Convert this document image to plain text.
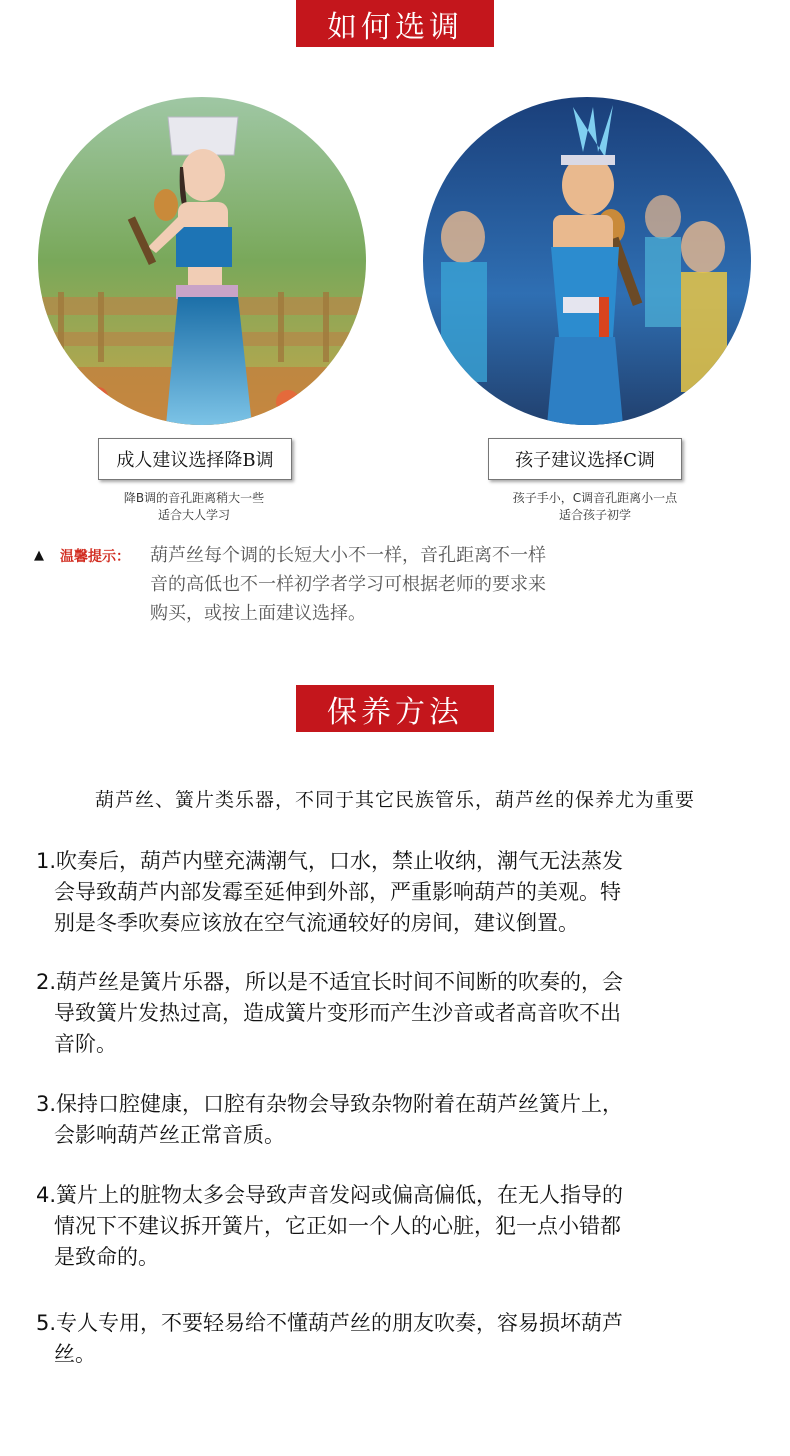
如何选调
成人建议选择降B调	孩子建议选择C调
降B调的音孔距离稍大一些
适合大人学习
孩子手小，C调音孔距离小一点
适合孩子初学
▲ 温馨提示： 葫芦丝每个调的长短大小不一样，音孔距离不一样
音的高低也不一样初学者学习可根据老师的要求来
购买，或按上面建议选择。
保养方法
葫芦丝、簧片类乐器，不同于其它民族管乐，葫芦丝的保养尤为重要
1.吹奏后，葫芦内壁充满潮气，口水，禁止收纳，潮气无法蒸发
会导致葫芦内部发霉至延伸到外部，严重影响葫芦的美观。特
别是冬季吹奏应该放在空气流通较好的房间，建议倒置。
2.葫芦丝是簧片乐器，所以是不适宜长时间不间断的吹奏的，会
导致簧片发热过高，造成簧片变形而产生沙音或者高音吹不出
音阶。
3.保持口腔健康，口腔有杂物会导致杂物附着在葫芦丝簧片上，
会影响葫芦丝正常音质。
4.簧片上的脏物太多会导致声音发闷或偏高偏低，在无人指导的
情况下不建议拆开簧片，它正如一个人的心脏，犯一点小错都
是致命的。
5.专人专用，不要轻易给不懂葫芦丝的朋友吹奏，容易损坏葫芦
丝。
